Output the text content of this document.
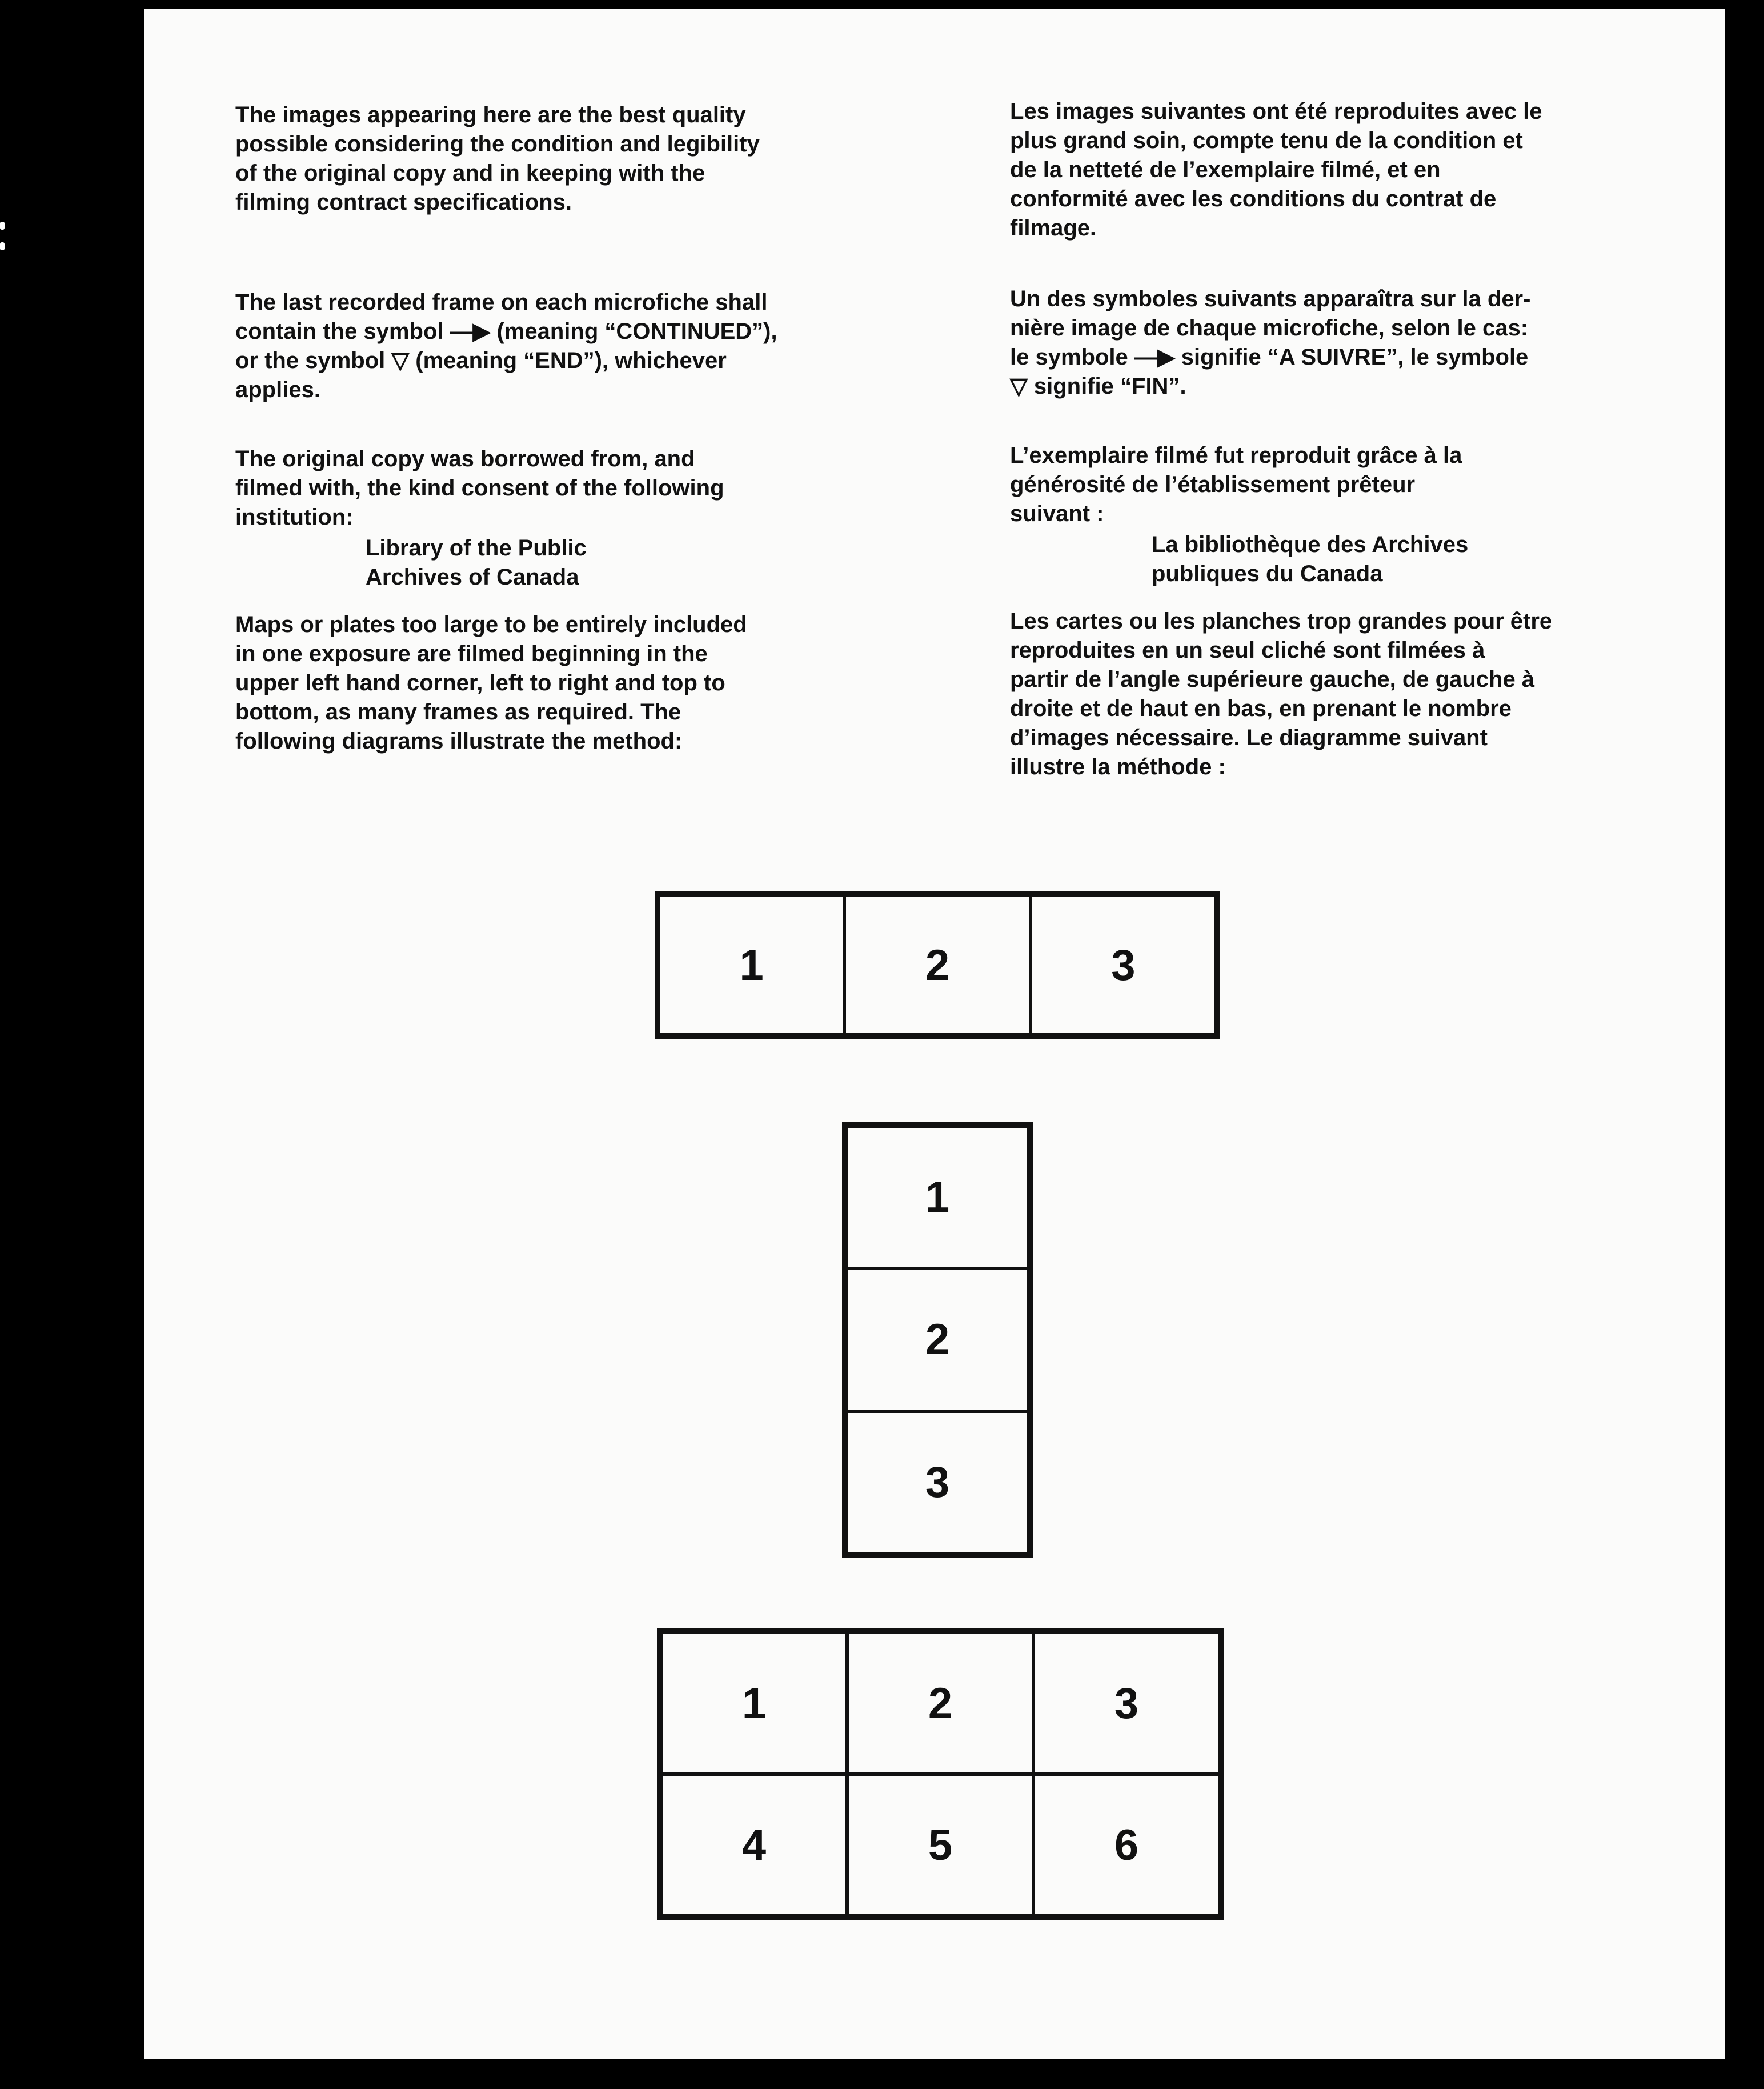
The images appearing here are the best quality
possible considering the condition and legibility
of the original copy and in keeping with the
filming contract specifications.

The last recorded frame on each microfiche shall
contain the symbol —▶ (meaning “CONTINUED”),
or the symbol ▽ (meaning “END”), whichever
applies.

The original copy was borrowed from, and
filmed with, the kind consent of the following
institution:

Library of the Public
Archives of Canada

Maps or plates too large to be entirely included
in one exposure are filmed beginning in the
upper left hand corner, left to right and top to
bottom, as many frames as required. The
following diagrams illustrate the method:

Les images suivantes ont été reproduites avec le
plus grand soin, compte tenu de la condition et
de la netteté de l’exemplaire filmé, et en
conformité avec les conditions du contrat de
filmage.

Un des symboles suivants apparaîtra sur la der-
nière image de chaque microfiche, selon le cas:
le symbole —▶ signifie “A SUIVRE”, le symbole
▽ signifie “FIN”.

L’exemplaire filmé fut reproduit grâce à la
générosité de l’établissement prêteur
suivant :

La bibliothèque des Archives
publiques du Canada

Les cartes ou les planches trop grandes pour être
reproduites en un seul cliché sont filmées à
partir de l’angle supérieure gauche, de gauche à
droite et de haut en bas, en prenant le nombre
d’images nécessaire. Le diagramme suivant
illustre la méthode :

1	2	3
1
2
3
1	2	3
4	5	6
